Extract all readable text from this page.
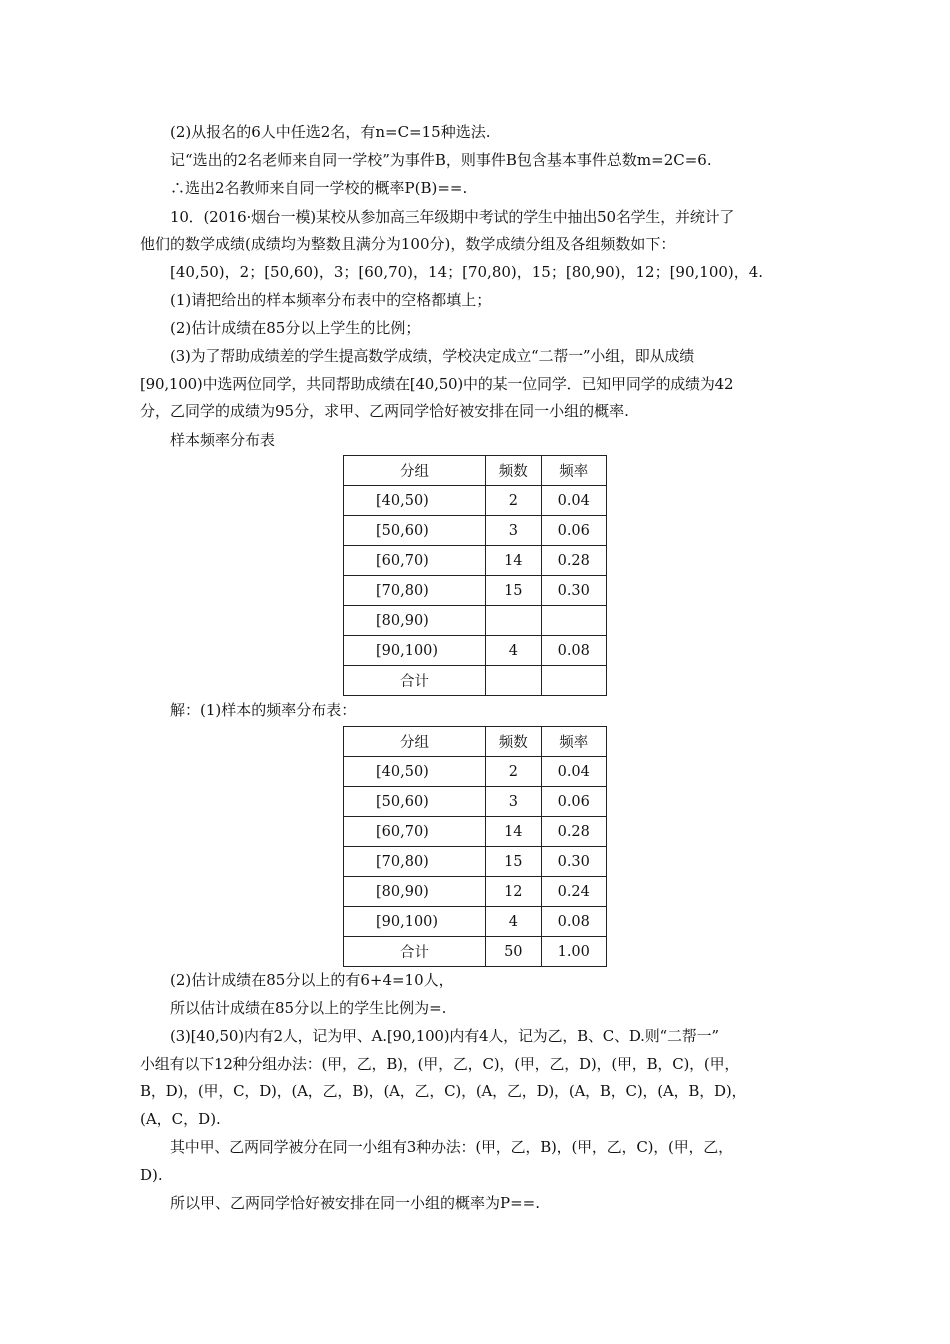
(2)从报名的6人中任选2名，有n=C=15种选法.
记“选出的2名老师来自同一学校”为事件B，则事件B包含基本事件总数m=2C=6.
∴选出2名教师来自同一学校的概率P(B)==.
10．(2016·烟台一模)某校从参加高三年级期中考试的学生中抽出50名学生，并统计了
他们的数学成绩(成绩均为整数且满分为100分)，数学成绩分组及各组频数如下：
[40,50)，2；[50,60)，3；[60,70)，14；[70,80)，15；[80,90)，12；[90,100)，4.
(1)请把给出的样本频率分布表中的空格都填上；
(2)估计成绩在85分以上学生的比例；
(3)为了帮助成绩差的学生提高数学成绩，学校决定成立“二帮一”小组，即从成绩
[90,100)中选两位同学，共同帮助成绩在[40,50)中的某一位同学．已知甲同学的成绩为42
分，乙同学的成绩为95分，求甲、乙两同学恰好被安排在同一小组的概率.
样本频率分布表
分组	频数	频率
[40,50)	2	0.04
[50,60)	3	0.06
[60,70)	14	0.28
[70,80)	15	0.30
[80,90)		
[90,100)	4	0.08
合计		
解：(1)样本的频率分布表：
分组	频数	频率
[40,50)	2	0.04
[50,60)	3	0.06
[60,70)	14	0.28
[70,80)	15	0.30
[80,90)	12	0.24
[90,100)	4	0.08
合计	50	1.00
(2)估计成绩在85分以上的有6+4=10人，
所以估计成绩在85分以上的学生比例为=.
(3)[40,50)内有2人，记为甲、A.[90,100)内有4人，记为乙，B、C、D.则“二帮一”
小组有以下12种分组办法：(甲，乙，B)，(甲，乙，C)，(甲，乙，D)，(甲，B，C)，(甲，
B，D)，(甲，C，D)，(A，乙，B)，(A，乙，C)，(A，乙，D)，(A，B，C)，(A，B，D)，
(A，C，D).
其中甲、乙两同学被分在同一小组有3种办法：(甲，乙，B)，(甲，乙，C)，(甲，乙，
D).
所以甲、乙两同学恰好被安排在同一小组的概率为P==.
